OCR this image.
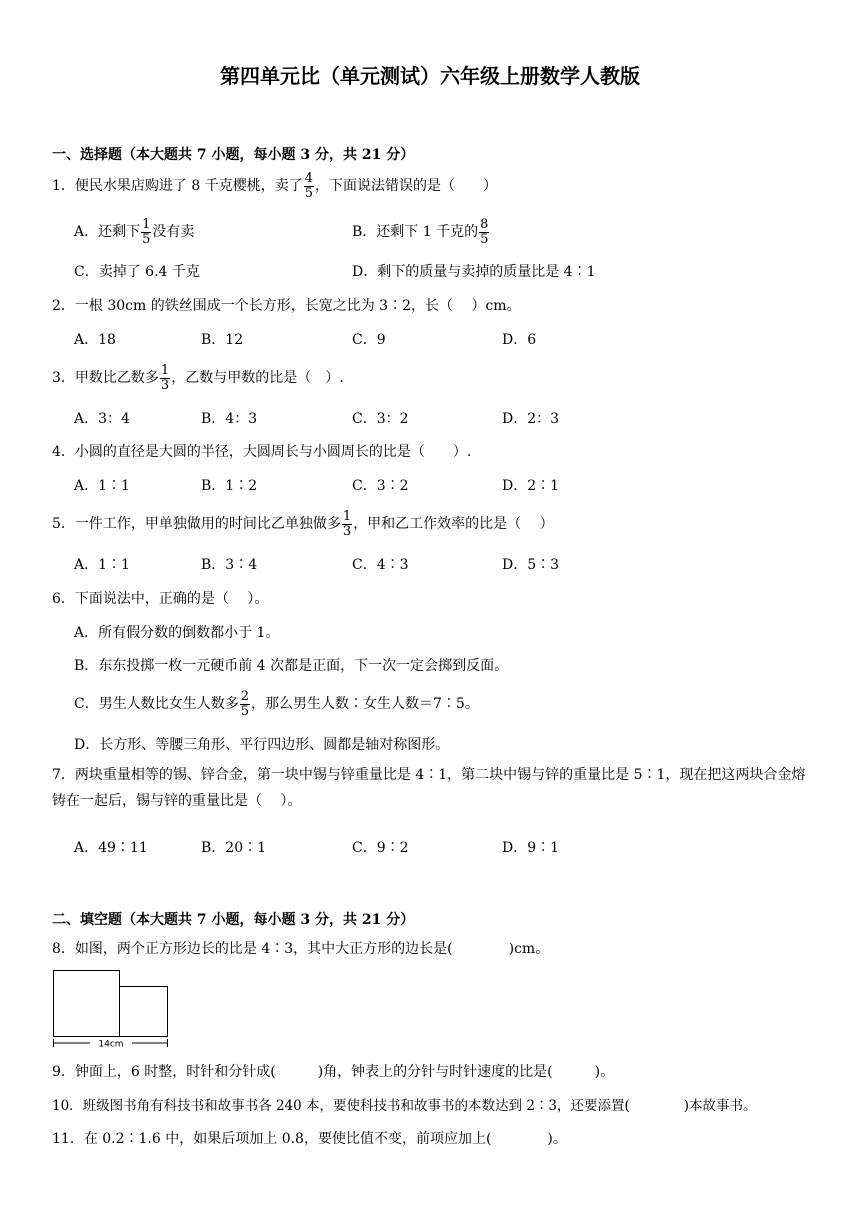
第四单元比（单元测试）六年级上册数学人教版
一、选择题（本大题共 7 小题，每小题 3 分，共 21 分）
1．便民水果店购进了 8 千克樱桃，卖了 $\frac{4}{5}$ ，下面说法错误的是（　　）
A．还剩下 $\frac{1}{5}$ 没有卖	B．还剩下 1 千克的 $\frac{8}{5}$
C．卖掉了 6.4 千克	D．剩下的质量与卖掉的质量比是 4∶1
2．一根 30cm 的铁丝围成一个长方形，长宽之比为 3∶2，长（　 ）cm。
A．18	B．12	C．9	D．6
3．甲数比乙数多 $\frac{1}{3}$ ，乙数与甲数的比是（　）.
A．3：4	B．4：3	C．3：2	D．2：3
4．小圆的直径是大圆的半径，大圆周长与小圆周长的比是（　　）.
A．1∶1	B．1∶2	C．3∶2	D．2∶1
5．一件工作，甲单独做用的时间比乙单独做多 $\frac{1}{3}$ ，甲和乙工作效率的比是（　 ）
A．1∶1	B．3∶4	C．4∶3	D．5∶3
6．下面说法中，正确的是（　 ）。
A．所有假分数的倒数都小于 1。
B．东东投掷一枚一元硬币前 4 次都是正面，下一次一定会掷到反面。
C．男生人数比女生人数多 $\frac{2}{5}$ ，那么男生人数∶女生人数＝7∶5。
D．长方形、等腰三角形、平行四边形、圆都是轴对称图形。
7．两块重量相等的锡、锌合金，第一块中锡与锌重量比是 4∶1，第二块中锡与锌的重量比是 5∶1，现在把这两块合金熔铸在一起后，锡与锌的重量比是（　 ）。
A．49∶11	B．20∶1	C．9∶2	D．9∶1
二、填空题（本大题共 7 小题，每小题 3 分，共 21 分）
8．如图，两个正方形边长的比是 4∶3，其中大正方形的边长是(　　　　)cm。
14cm
9．钟面上，6 时整，时针和分针成(　　　)角，钟表上的分针与时针速度的比是(　　　)。
10．班级图书角有科技书和故事书各 240 本，要使科技书和故事书的本数达到 2∶3，还要添置(　　　　)本故事书。
11．在 0.2∶1.6 中，如果后项加上 0.8，要使比值不变，前项应加上(　　　　)。
